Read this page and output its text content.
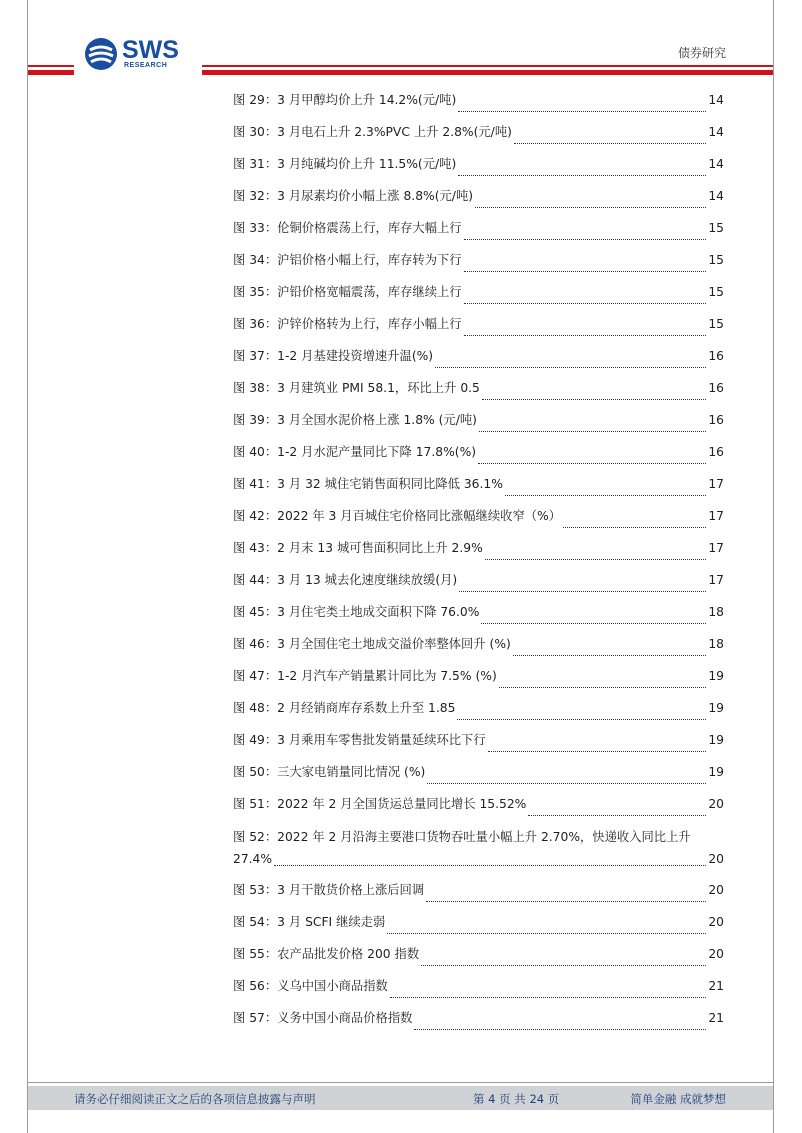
SWS
RESEARCH
债券研究
图 29：3 月甲醇均价上升 14.2%(元/吨)	14
图 30：3 月电石上升 2.3%PVC 上升 2.8%(元/吨)	14
图 31：3 月纯碱均价上升 11.5%(元/吨)	14
图 32：3 月尿素均价小幅上涨 8.8%(元/吨)	14
图 33：伦铜价格震荡上行，库存大幅上行	15
图 34：沪铝价格小幅上行，库存转为下行	15
图 35：沪铅价格宽幅震荡，库存继续上行	15
图 36：沪锌价格转为上行，库存小幅上行	15
图 37：1-2 月基建投资增速升温(%)	16
图 38：3 月建筑业 PMI 58.1，环比上升 0.5	16
图 39：3 月全国水泥价格上涨 1.8% (元/吨)	16
图 40：1-2 月水泥产量同比下降 17.8%(%)	16
图 41：3 月 32 城住宅销售面积同比降低 36.1%	17
图 42：2022 年 3 月百城住宅价格同比涨幅继续收窄（%）	17
图 43：2 月末 13 城可售面积同比上升 2.9%	17
图 44：3 月 13 城去化速度继续放缓(月)	17
图 45：3 月住宅类土地成交面积下降 76.0%	18
图 46：3 月全国住宅土地成交溢价率整体回升 (%)	18
图 47：1-2 月汽车产销量累计同比为 7.5% (%)	19
图 48：2 月经销商库存系数上升至 1.85	19
图 49：3 月乘用车零售批发销量延续环比下行	19
图 50：三大家电销量同比情况 (%)	19
图 51：2022 年 2 月全国货运总量同比增长 15.52%	20
图 52：2022 年 2 月沿海主要港口货物吞吐量小幅上升 2.70%，快递收入同比上升
27.4%	20
图 53：3 月干散货价格上涨后回调	20
图 54：3 月 SCFI 继续走弱	20
图 55：农产品批发价格 200 指数	20
图 56：义乌中国小商品指数	21
图 57：义务中国小商品价格指数	21
请务必仔细阅读正文之后的各项信息披露与声明	第 4 页 共 24 页	简单金融 成就梦想
